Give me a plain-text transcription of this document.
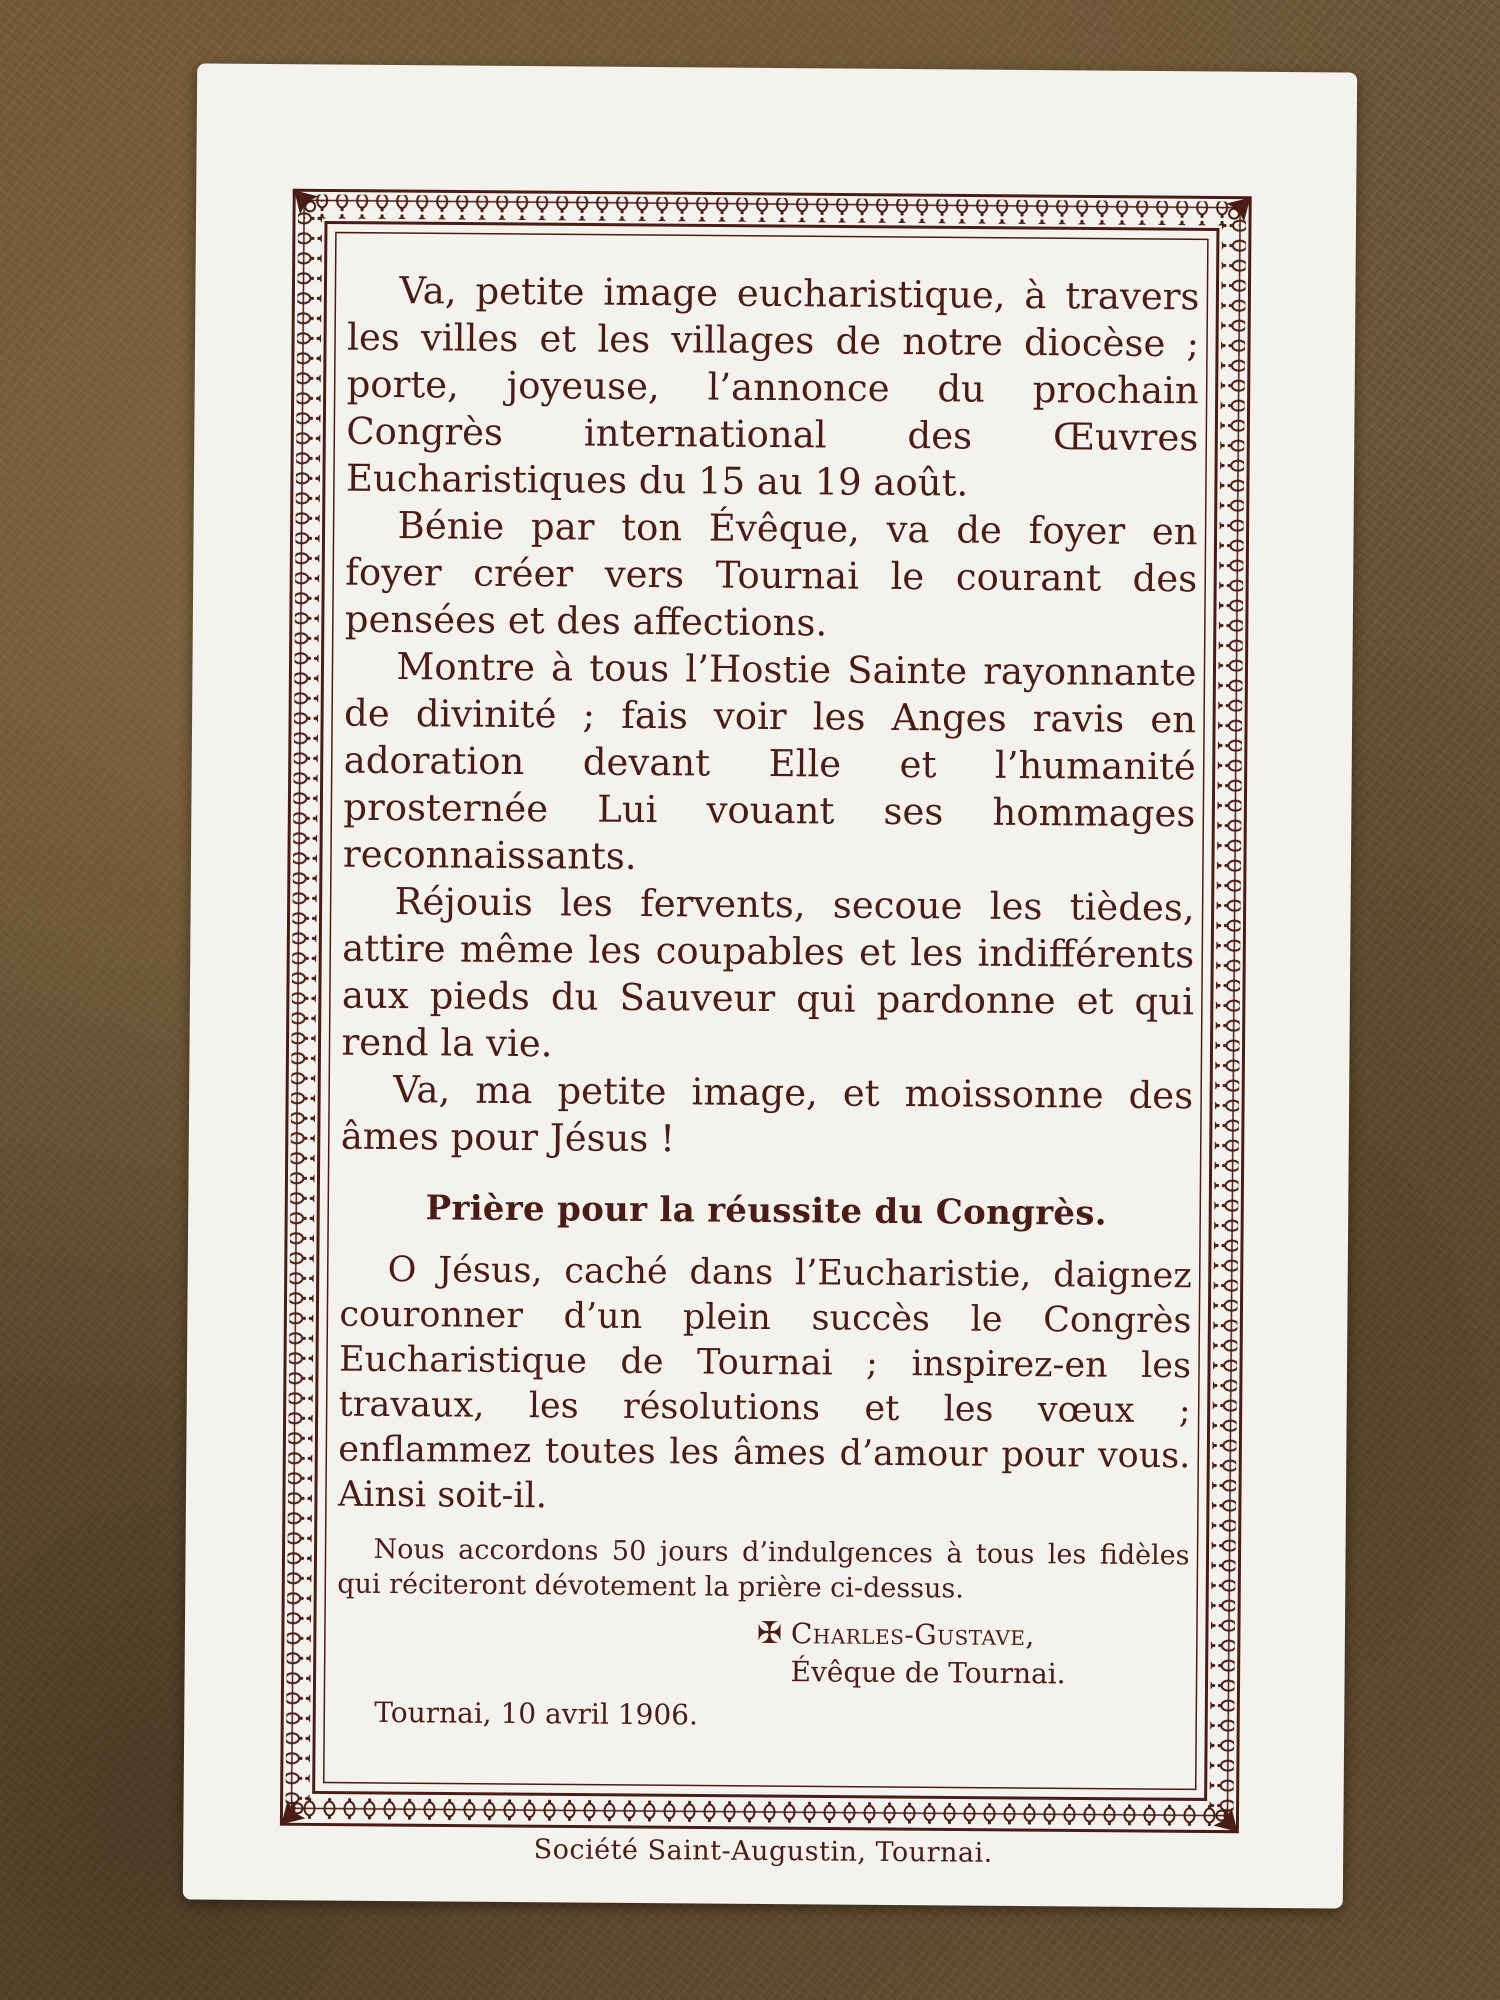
Va, petite image eucharistique, à travers les villes et les villages de notre diocèse ; porte, joyeuse, l’annonce du prochain Congrès international des Œuvres Eucharistiques du 15 au 19 août.

Bénie par ton Évêque, va de foyer en foyer créer vers Tournai le courant des pensées et des affections.

Montre à tous l’Hostie Sainte rayonnante de divinité ; fais voir les Anges ravis en adoration devant Elle et l’humanité prosternée Lui vouant ses hommages reconnaissants.

Réjouis les fervents, secoue les tièdes, attire même les coupables et les indifférents aux pieds du Sauveur qui pardonne et qui rend la vie.

Va, ma petite image, et moissonne des âmes pour Jésus !

Prière pour la réussite du Congrès.

O Jésus, caché dans l’Eucharistie, daignez couronner d’un plein succès le Congrès Eucharistique de Tournai ; inspirez-en les travaux, les résolutions et les vœux ; enflammez toutes les âmes d’amour pour vous. Ainsi soit-il.

Nous accordons 50 jours d’indulgences à tous les fidèles qui réciteront dévotement la prière ci-dessus.

✠ Charles-Gustave,
Évêque de Tournai.
Tournai, 10 avril 1906.
Société Saint-Augustin, Tournai.
